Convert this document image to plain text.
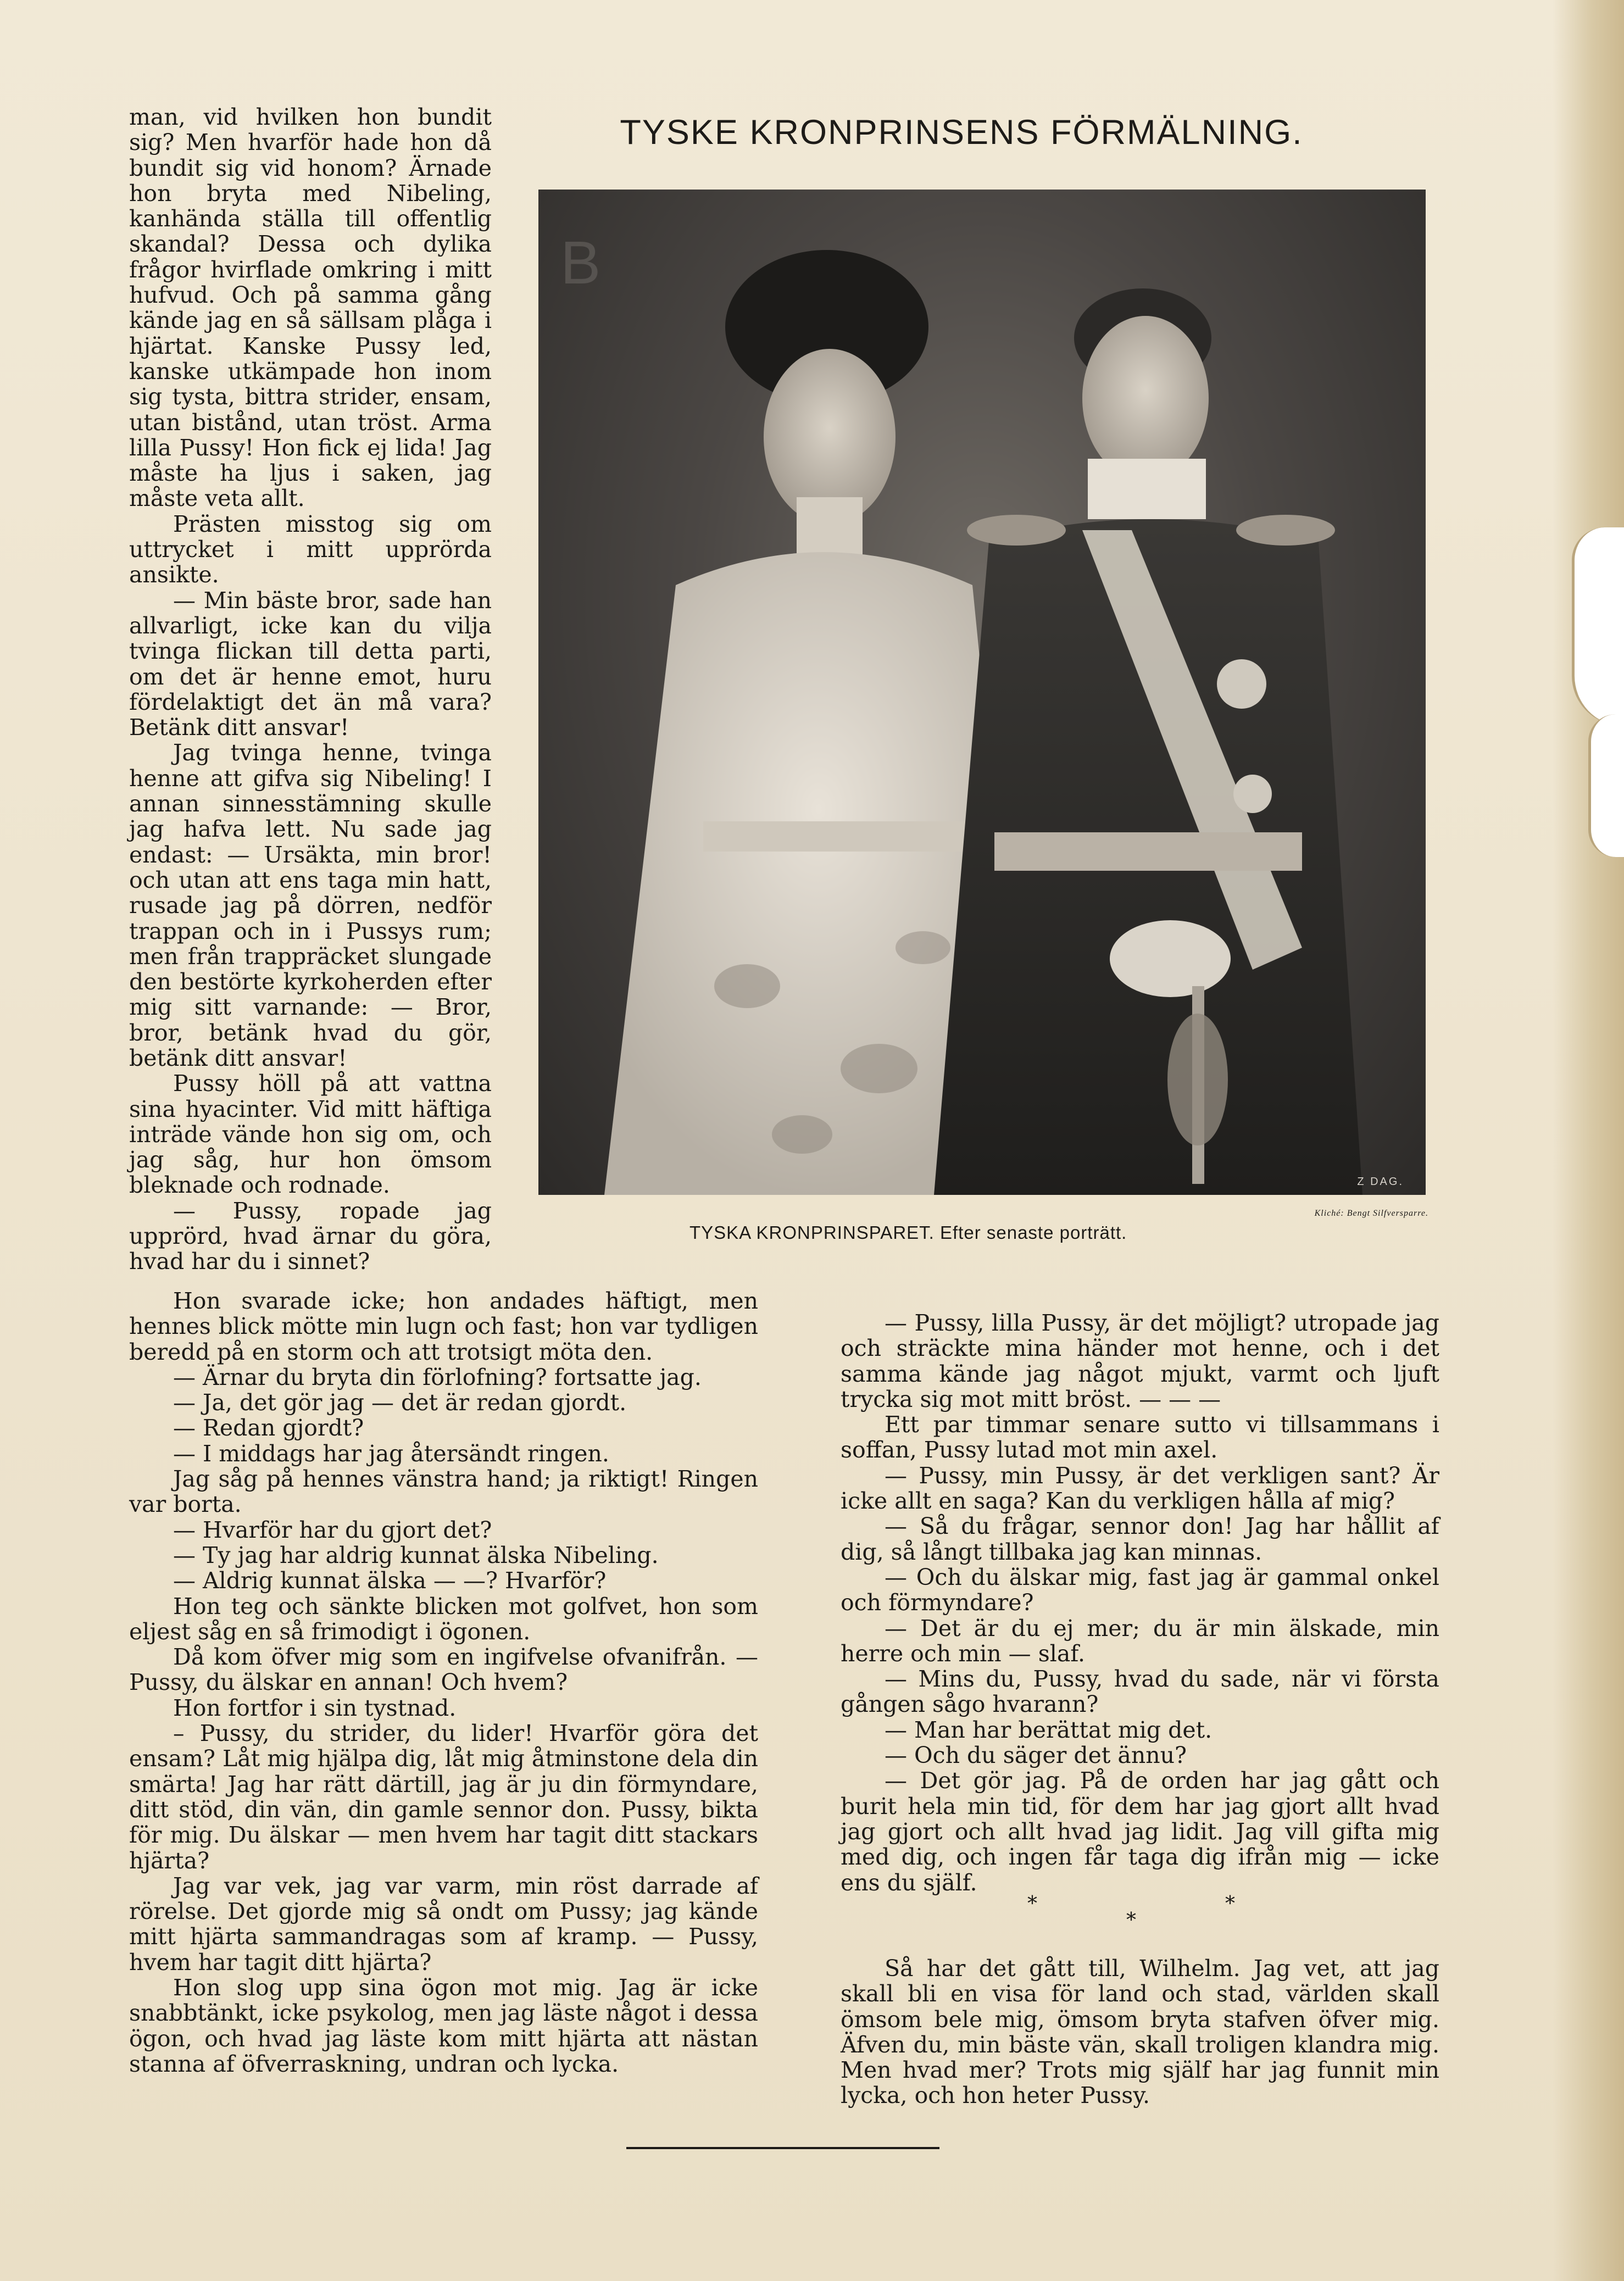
man, vid hvilken hon bundit sig? Men hvarför hade hon då bundit sig vid honom? Ärnade hon bryta med Nibeling, kanhända ställa till offentlig skandal? Dessa och dylika frågor hvirflade omkring i mitt hufvud. Och på samma gång kände jag en så sällsam plåga i hjärtat. Kanske Pussy led, kanske utkämpade hon inom sig tysta, bittra strider, ensam, utan bistånd, utan tröst. Arma lilla Pussy! Hon fick ej lida! Jag måste ha ljus i saken, jag måste veta allt.

Prästen misstog sig om uttrycket i mitt upprörda ansikte.

— Min bäste bror, sade han allvarligt, icke kan du vilja tvinga flickan till detta parti, om det är henne emot, huru fördelaktigt det än må vara? Betänk ditt ansvar!

Jag tvinga henne, tvinga henne att gifva sig Nibeling! I annan sinnesstämning skulle jag hafva lett. Nu sade jag endast: — Ursäkta, min bror! och utan att ens taga min hatt, rusade jag på dörren, nedför trappan och in i Pussys rum; men från trappräcket slungade den bestörte kyrkoherden efter mig sitt varnande: — Bror, bror, betänk hvad du gör, betänk ditt ansvar!

Pussy höll på att vattna sina hyacinter. Vid mitt häftiga inträde vände hon sig om, och jag såg, hur hon ömsom bleknade och rodnade.

— Pussy, ropade jag upprörd, hvad ärnar du göra, hvad har du i sinnet?

TYSKE KRONPRINSENS FÖRMÄLNING.
B
Z DAG.
Kliché: Bengt Silfversparre.
TYSKA KRONPRINSPARET. Efter senaste porträtt.

Hon svarade icke; hon andades häftigt, men hennes blick mötte min lugn och fast; hon var tydligen beredd på en storm och att trotsigt möta den.

— Ärnar du bryta din förlofning? fortsatte jag.

— Ja, det gör jag — det är redan gjordt.

— Redan gjordt?

— I middags har jag återsändt ringen.

Jag såg på hennes vänstra hand; ja riktigt! Ringen var borta.

— Hvarför har du gjort det?

— Ty jag har aldrig kunnat älska Nibeling.

— Aldrig kunnat älska — —? Hvarför?

Hon teg och sänkte blicken mot golfvet, hon som eljest såg en så frimodigt i ögonen.

Då kom öfver mig som en ingifvelse ofvanifrån. — Pussy, du älskar en annan! Och hvem?

Hon fortfor i sin tystnad.

– Pussy, du strider, du lider! Hvarför göra det ensam? Låt mig hjälpa dig, låt mig åtminstone dela din smärta! Jag har rätt därtill, jag är ju din förmyndare, ditt stöd, din vän, din gamle sennor don. Pussy, bikta för mig. Du älskar — men hvem har tagit ditt stackars hjärta?

Jag var vek, jag var varm, min röst darrade af rörelse. Det gjorde mig så ondt om Pussy; jag kände mitt hjärta sammandragas som af kramp. — Pussy, hvem har tagit ditt hjärta?

Hon slog upp sina ögon mot mig. Jag är icke snabbtänkt, icke psykolog, men jag läste något i dessa ögon, och hvad jag läste kom mitt hjärta att nästan stanna af öfverraskning, undran och lycka.

— Pussy, lilla Pussy, är det möjligt? utropade jag och sträckte mina händer mot henne, och i det samma kände jag något mjukt, varmt och ljuft trycka sig mot mitt bröst. — — —

Ett par timmar senare sutto vi tillsammans i soffan, Pussy lutad mot min axel.

— Pussy, min Pussy, är det verkligen sant? Är icke allt en saga? Kan du verkligen hålla af mig?

— Så du frågar, sennor don! Jag har hållit af dig, så långt tillbaka jag kan minnas.

— Och du älskar mig, fast jag är gammal onkel och förmyndare?

— Det är du ej mer; du är min älskade, min herre och min — slaf.

— Mins du, Pussy, hvad du sade, när vi första gången sågo hvarann?

— Man har berättat mig det.

— Och du säger det ännu?

— Det gör jag. På de orden har jag gått och burit hela min tid, för dem har jag gjort allt hvad jag gjort och allt hvad jag lidit. Jag vill gifta mig med dig, och ingen får taga dig ifrån mig — icke ens du själf.

*
*
*

Så har det gått till, Wilhelm. Jag vet, att jag skall bli en visa för land och stad, världen skall ömsom bele mig, ömsom bryta stafven öfver mig. Äfven du, min bäste vän, skall troligen klandra mig. Men hvad mer? Trots mig själf har jag funnit min lycka, och hon heter Pussy.
